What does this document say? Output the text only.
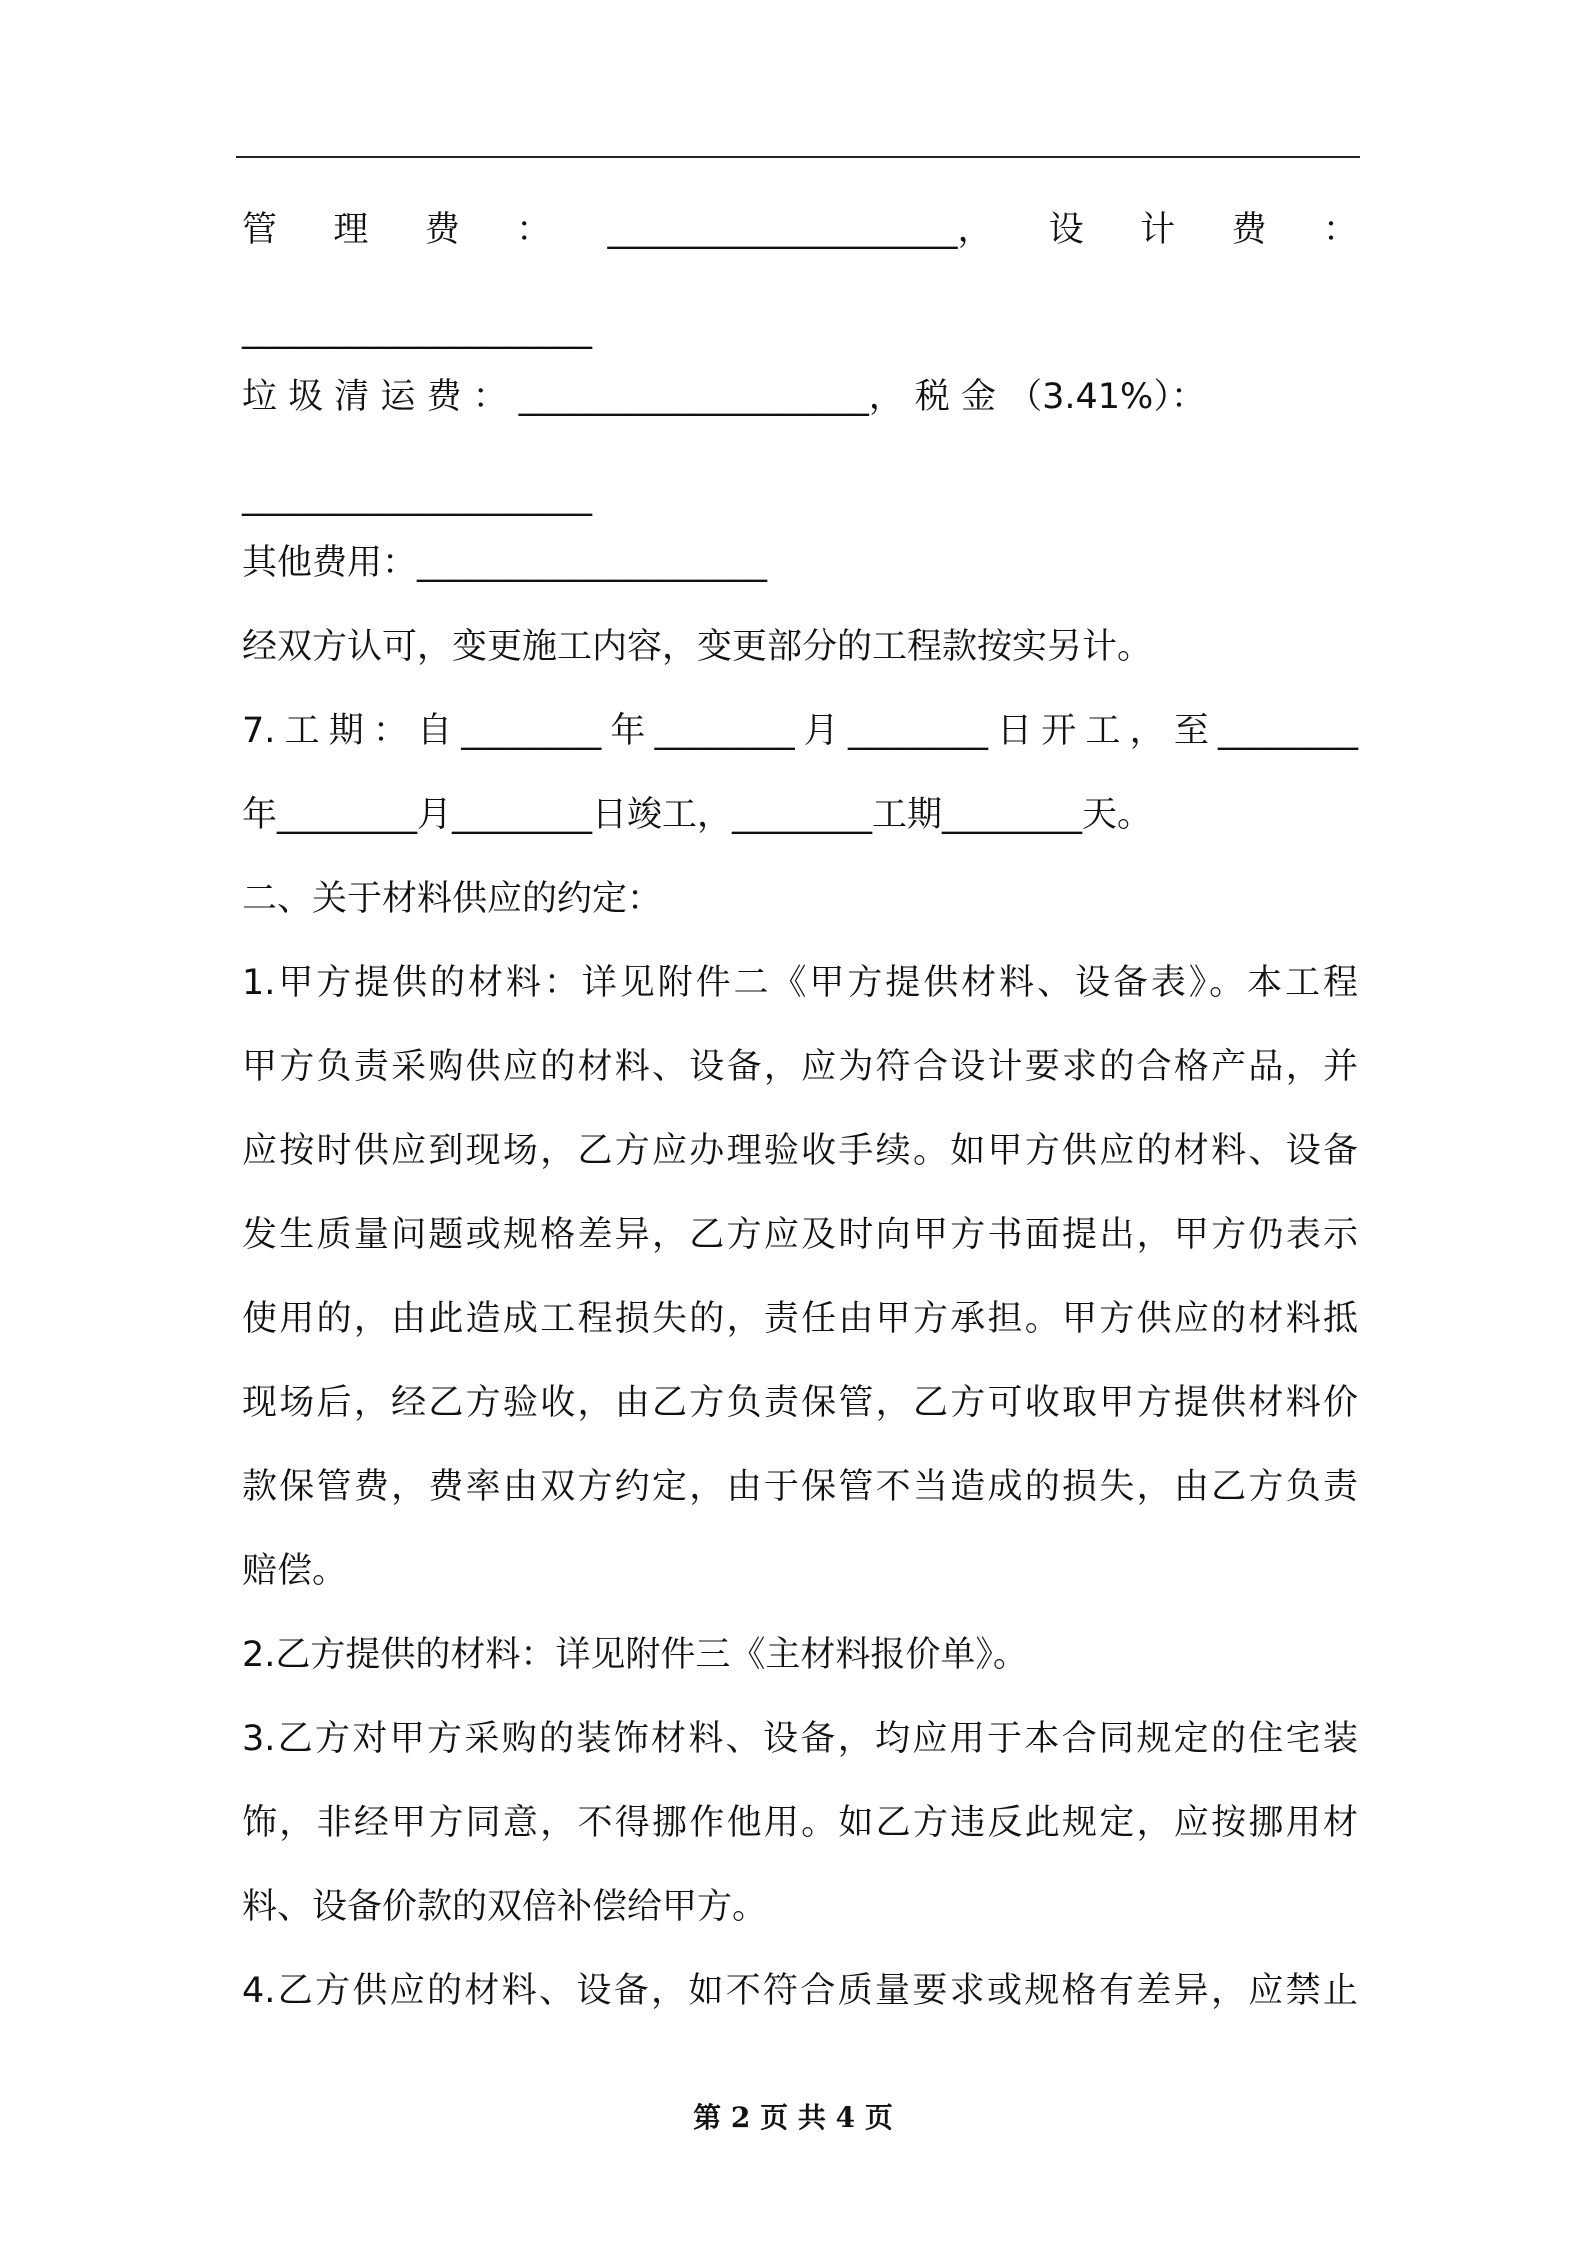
管 理 费 ： ____________________， 设 计 费 ：
____________________
垃 圾 清 运 费 ： ____________________， 税 金 （3.41%）：
____________________
其他费用：____________________
经双方认可，变更施工内容，变更部分的工程款按实另计。
7.工期：自________年________月________日开工，至________
年________月________日竣工，________工期________天。
二、关于材料供应的约定：
1.甲方提供的材料：详见附件二《甲方提供材料、设备表》。本工程
甲方负责采购供应的材料、设备，应为符合设计要求的合格产品，并
应按时供应到现场，乙方应办理验收手续。如甲方供应的材料、设备
发生质量问题或规格差异，乙方应及时向甲方书面提出，甲方仍表示
使用的，由此造成工程损失的，责任由甲方承担。甲方供应的材料抵
现场后，经乙方验收，由乙方负责保管，乙方可收取甲方提供材料价
款保管费，费率由双方约定，由于保管不当造成的损失，由乙方负责
赔偿。
2.乙方提供的材料：详见附件三《主材料报价单》。
3.乙方对甲方采购的装饰材料、设备，均应用于本合同规定的住宅装
饰，非经甲方同意，不得挪作他用。如乙方违反此规定，应按挪用材
料、设备价款的双倍补偿给甲方。
4.乙方供应的材料、设备，如不符合质量要求或规格有差异，应禁止
第 2 页 共 4 页
